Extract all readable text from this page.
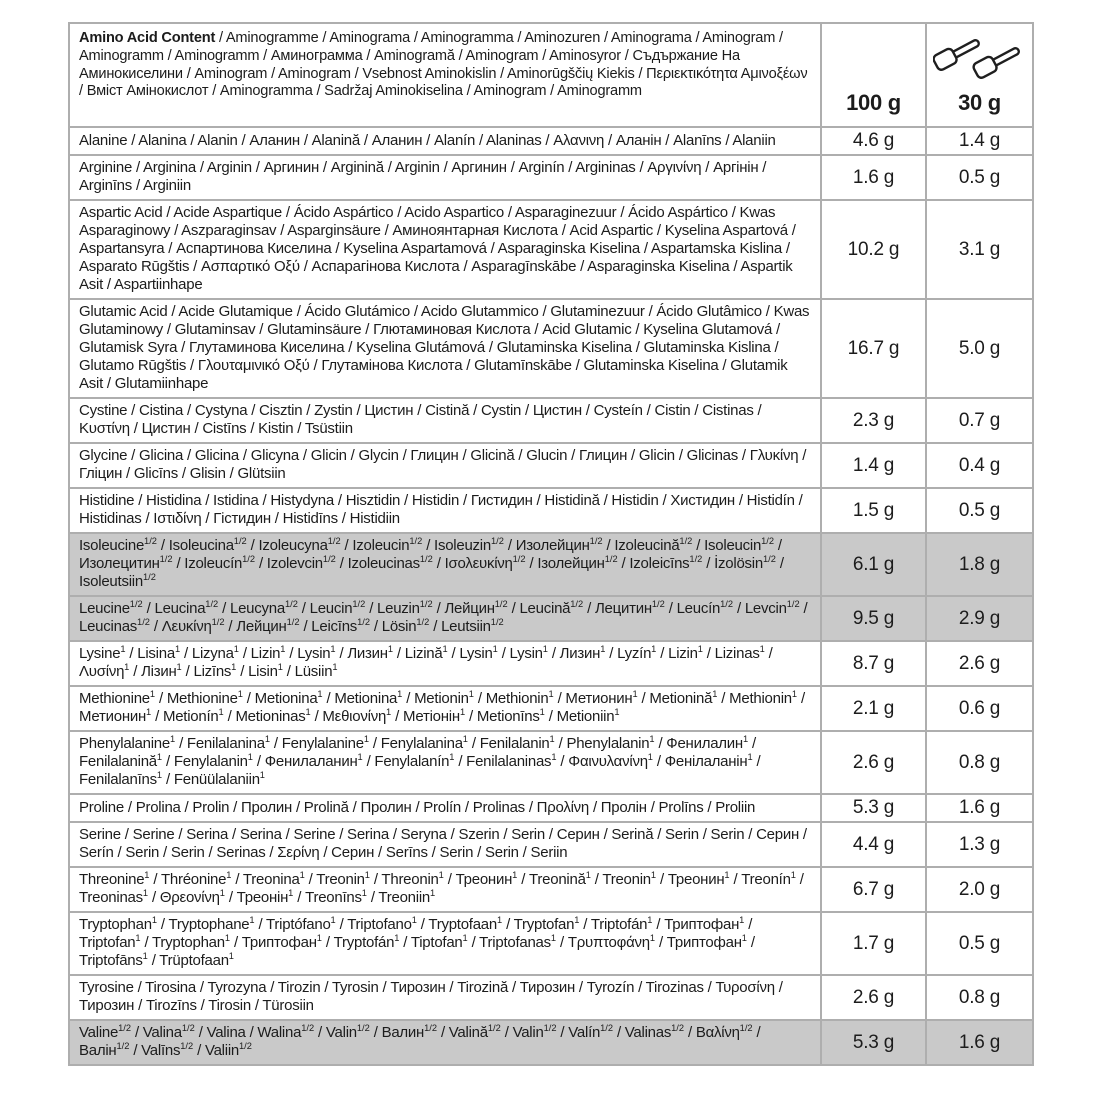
Amino Acid Content / Aminogramme / Aminograma / Aminogramma / Aminozuren / Aminograma / Aminogram / Aminogramm / Aminogramm / Аминограмма / Aminogramă / Aminogram / Aminosyror / Съдържание На Аминокиселини / Aminogram / Aminogram / Vsebnost Aminokislin / Aminorūgščių Kiekis / Περιεκτικότητα Αμινοξέων / Вміст Амінокислот / Aminogramma / Sadržaj Aminokiselina / Aminogram / Aminogramm	100 g	30 g

Alanine / Alanina / Alanin / Аланин / Alanină / Аланин / Alanín / Alaninas / Αλανινη / Аланін / Alanīns / Alaniin	4.6 g	1.4 g
Arginine / Arginina / Arginin / Аргинин / Arginină / Arginin / Аргинин / Arginín / Argininas / Αργινίνη / Аргінін / Arginīns / Arginiin	1.6 g	0.5 g
Aspartic Acid / Acide Aspartique / Ácido Aspártico / Acido Aspartico / Asparaginezuur / Ácido Aspártico / Kwas Asparaginowy / Aszparaginsav / Asparginsäure / Аминоянтарная Кислота / Acid Aspartic / Kyselina Aspartová / Aspartansyra / Аспартинова Киселина / Kyselina Aspartamová / Asparaginska Kiselina / Aspartamska Kislina / Asparato Rūgštis / Ασπαρτικό Οξύ / Аспарагінова Кислота / Asparagīnskābe / Asparaginska Kiselina / Aspartik Asit / Aspartiinhape	10.2 g	3.1 g
Glutamic Acid / Acide Glutamique / Ácido Glutámico / Acido Glutammico / Glutaminezuur / Ácido Glutâmico / Kwas Glutaminowy / Glutaminsav / Glutaminsäure / Глютаминовая Кислота / Acid Glutamic / Kyselina Glutamová / Glutamisk Syra / Глутаминова Киселина / Kyselina Glutámová / Glutaminska Kiselina / Glutaminska Kislina / Glutamo Rūgštis / Γλουταμινικό Οξύ / Глутамінова Кислота / Glutamīnskābe / Glutaminska Kiselina / Glutamik Asit / Glutamiinhape	16.7 g	5.0 g
Cystine / Cistina / Cystyna / Cisztin / Zystin / Цистин / Cistină / Cystin / Цистин / Cysteín / Cistin / Cistinas / Κυστίνη / Цистин / Cistīns / Kistin / Tsüstiin	2.3 g	0.7 g
Glycine / Glicina / Glicina / Glicyna / Glicin / Glycin / Глицин / Glicină / Glucin / Глицин / Glicin / Glicinas / Γλυκίνη / Гліцин / Glicīns / Glisin / Glütsiin	1.4 g	0.4 g
Histidine / Histidina / Istidina / Histydyna / Hisztidin / Histidin / Гистидин / Histidină / Histidin / Хистидин / Histidín / Histidinas / Ιστιδίνη / Гістидин / Histidīns / Histidiin	1.5 g	0.5 g
Isoleucine$^{1/2}$ / Isoleucina$^{1/2}$ / Izoleucyna$^{1/2}$ / Izoleucin$^{1/2}$ / Isoleuzin$^{1/2}$ / Изолейцин$^{1/2}$ / Izoleucină$^{1/2}$ / Isoleucin$^{1/2}$ / Изолецитин$^{1/2}$ / Izoleucín$^{1/2}$ / Izolevcin$^{1/2}$ / Izoleucinas$^{1/2}$ / Ισολευκίνη$^{1/2}$ / Ізолейцин$^{1/2}$ / Izoleicīns$^{1/2}$ / İzolösin$^{1/2}$ / Isoleutsiin$^{1/2}$	6.1 g	1.8 g
Leucine$^{1/2}$ / Leucina$^{1/2}$ / Leucyna$^{1/2}$ / Leucin$^{1/2}$ / Leuzin$^{1/2}$ / Лейцин$^{1/2}$ / Leucină$^{1/2}$ / Лецитин$^{1/2}$ / Leucín$^{1/2}$ / Levcin$^{1/2}$ / Leucinas$^{1/2}$ / Λευκίνη$^{1/2}$ / Лейцин$^{1/2}$ / Leicīns$^{1/2}$ / Lösin$^{1/2}$ / Leutsiin$^{1/2}$	9.5 g	2.9 g
Lysine$^1$ / Lisina$^1$ / Lizyna$^1$ / Lizin$^1$ / Lysin$^1$ / Лизин$^1$ / Lizină$^1$ / Lysin$^1$ / Lysin$^1$ / Лизин$^1$ / Lyzín$^1$ / Lizin$^1$ / Lizinas$^1$ / Λυσίνη$^1$ / Лізин$^1$ / Lizīns$^1$ / Lisin$^1$ / Lüsiin$^1$	8.7 g	2.6 g
Methionine$^1$ / Methionine$^1$ / Metionina$^1$ / Metionina$^1$ / Metionin$^1$ / Methionin$^1$ / Метионин$^1$ / Metionină$^1$ / Methionin$^1$ / Метионин$^1$ / Metionín$^1$ / Metioninas$^1$ / Μεθιονίνη$^1$ / Метіонін$^1$ / Metionīns$^1$ / Metioniin$^1$	2.1 g	0.6 g
Phenylalanine$^1$ / Fenilalanina$^1$ / Fenylalanine$^1$ / Fenylalanina$^1$ / Fenilalanin$^1$ / Phenylalanin$^1$ / Фенилалин$^1$ / Fenilalanină$^1$ / Fenylalanin$^1$ / Фенилаланин$^1$ / Fenylalanín$^1$ / Fenilalaninas$^1$ / Φαινυλανίνη$^1$ / Фенілаланін$^1$ / Fenilalanīns$^1$ / Fenüülalaniin$^1$	2.6 g	0.8 g
Proline / Prolina / Prolin / Пролин / Prolină / Пролин / Prolín / Prolinas / Προλίνη / Пролін / Prolīns / Proliin	5.3 g	1.6 g
Serine / Serine / Serina / Serina / Serine / Serina / Seryna / Szerin / Serin / Серин / Serină / Serin / Serin / Серин / Serín / Serin / Serin / Serinas / Σερίνη / Серин / Serīns / Serin / Serin / Seriin	4.4 g	1.3 g
Threonine$^1$ / Thréonine$^1$ / Treonina$^1$ / Treonin$^1$ / Threonin$^1$ / Треонин$^1$ / Treonină$^1$ / Treonin$^1$ / Треонин$^1$ / Treonín$^1$ / Treoninas$^1$ / Θρεονίνη$^1$ / Треонін$^1$ / Treonīns$^1$ / Treoniin$^1$	6.7 g	2.0 g
Tryptophan$^1$ / Tryptophane$^1$ / Triptófano$^1$ / Triptofano$^1$ / Tryptofaan$^1$ / Tryptofan$^1$ / Triptofán$^1$ / Триптофан$^1$ / Triptofan$^1$ / Tryptophan$^1$ / Триптофан$^1$ / Tryptofán$^1$ / Tiptofan$^1$ / Triptofanas$^1$ / Τρυπτοφάνη$^1$ / Триптофан$^1$ / Triptofāns$^1$ / Trüptofaan$^1$	1.7 g	0.5 g
Tyrosine / Tirosina / Tyrozyna / Tirozin / Tyrosin / Тирозин / Tirozină / Тирозин / Tyrozín / Tirozinas / Τυροσίνη / Тирозин / Tirozīns / Tirosin / Türosiin	2.6 g	0.8 g
Valine$^{1/2}$ / Valina$^{1/2}$ / Valina / Walina$^{1/2}$ / Valin$^{1/2}$ / Валин$^{1/2}$ / Valină$^{1/2}$ / Valin$^{1/2}$ / Valín$^{1/2}$ / Valinas$^{1/2}$ / Βαλίνη$^{1/2}$ / Валін$^{1/2}$ / Valīns$^{1/2}$ / Valiin$^{1/2}$	5.3 g	1.6 g
